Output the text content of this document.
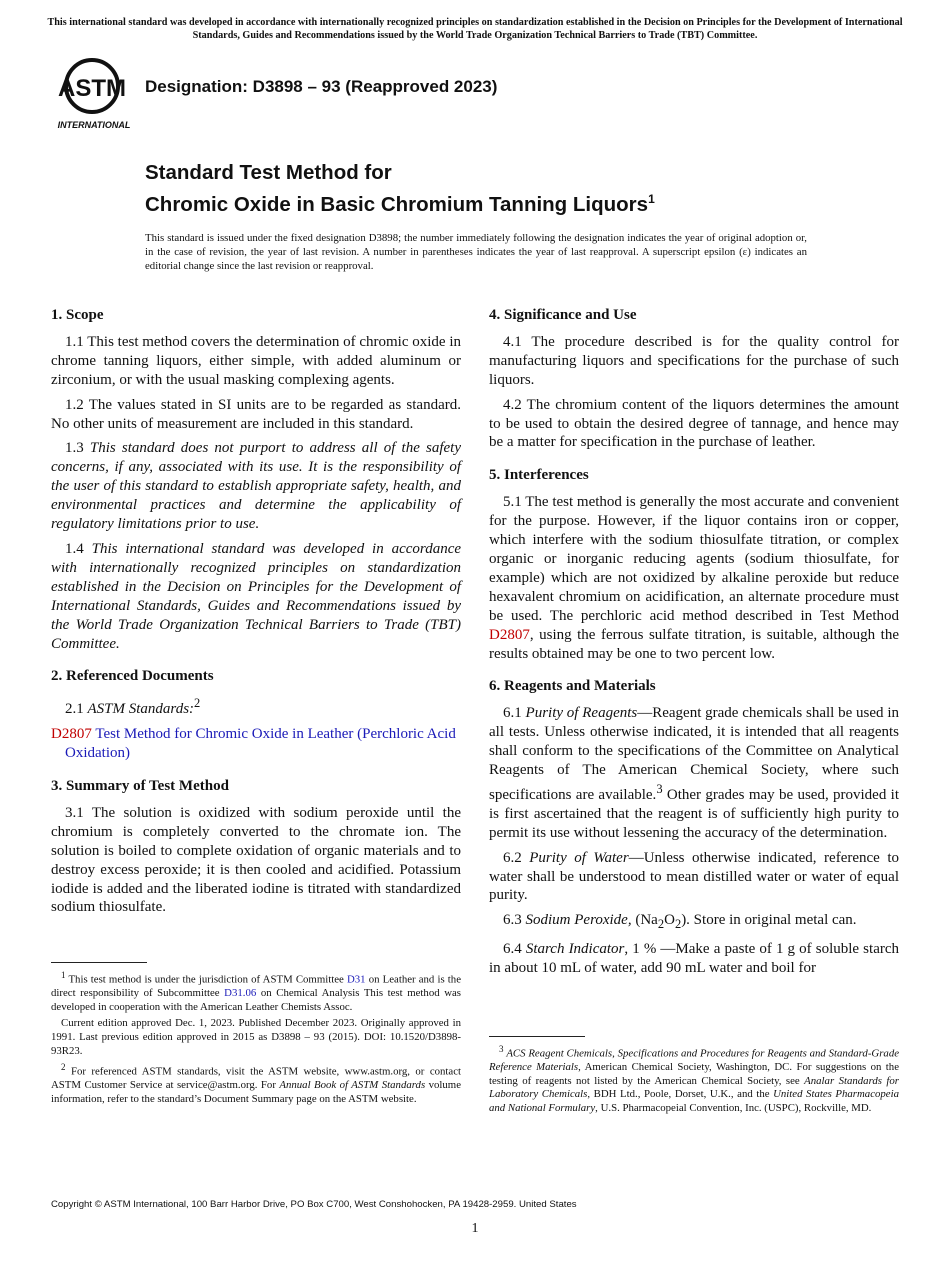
This international standard was developed in accordance with internationally recognized principles on standardization established in the Decision on Principles for the Development of International Standards, Guides and Recommendations issued by the World Trade Organization Technical Barriers to Trade (TBT) Committee.
ASTM
INTERNATIONAL
Designation: D3898 – 93 (Reapproved 2023)
Standard Test Method for
Chromic Oxide in Basic Chromium Tanning Liquors$^1$
This standard is issued under the fixed designation D3898; the number immediately following the designation indicates the year of original adoption or, in the case of revision, the year of last revision. A number in parentheses indicates the year of last reapproval. A superscript epsilon (ε) indicates an editorial change since the last revision or reapproval.
1. Scope

1.1 This test method covers the determination of chromic oxide in chrome tanning liquors, either simple, with added aluminum or zirconium, or with the usual masking complexing agents.

1.2 The values stated in SI units are to be regarded as standard. No other units of measurement are included in this standard.

1.3 This standard does not purport to address all of the safety concerns, if any, associated with its use. It is the responsibility of the user of this standard to establish appropriate safety, health, and environmental practices and determine the applicability of regulatory limitations prior to use.

1.4 This international standard was developed in accordance with internationally recognized principles on standardization established in the Decision on Principles for the Development of International Standards, Guides and Recommendations issued by the World Trade Organization Technical Barriers to Trade (TBT) Committee.

2. Referenced Documents

2.1 ASTM Standards:$^2$

D2807 Test Method for Chromic Oxide in Leather (Perchloric Acid Oxidation)
3. Summary of Test Method

3.1 The solution is oxidized with sodium peroxide until the chromium is completely converted to the chromate ion. The solution is boiled to complete oxidation of organic materials and to destroy excess peroxide; it is then cooled and acidified. Potassium iodide is added and the liberated iodine is titrated with standardized sodium thiosulfate.

4. Significance and Use

4.1 The procedure described is for the quality control for manufacturing liquors and specifications for the purchase of such liquors.

4.2 The chromium content of the liquors determines the amount to be used to obtain the desired degree of tannage, and hence may be a matter for specification in the purchase of leather.

5. Interferences

5.1 The test method is generally the most accurate and convenient for the purpose. However, if the liquor contains iron or copper, which interfere with the sodium thiosulfate titration, or complex organic or inorganic reducing agents (sodium thiosulfate, for example) which are not oxidized by alkaline peroxide but reduce hexavalent chromium on acidification, an alternate procedure must be used. The perchloric acid method described in Test Method D2807, using the ferrous sulfate titration, is suitable, although the results obtained may be one to two percent low.

6. Reagents and Materials

6.1 Purity of Reagents—Reagent grade chemicals shall be used in all tests. Unless otherwise indicated, it is intended that all reagents shall conform to the specifications of the Committee on Analytical Reagents of The American Chemical Society, where such specifications are available.$^3$ Other grades may be used, provided it is first ascertained that the reagent is of sufficiently high purity to permit its use without lessening the accuracy of the determination.

6.2 Purity of Water—Unless otherwise indicated, reference to water shall be understood to mean distilled water or water of equal purity.

6.3 Sodium Peroxide, $(Na_2O_2)$. Store in original metal can.

6.4 Starch Indicator, 1 % —Make a paste of 1 g of soluble starch in about 10 mL of water, add 90 mL water and boil for

$^1$ This test method is under the jurisdiction of ASTM Committee D31 on Leather and is the direct responsibility of Subcommittee D31.06 on Chemical Analysis This test method was developed in cooperation with the American Leather Chemists Assoc.

Current edition approved Dec. 1, 2023. Published December 2023. Originally approved in 1991. Last previous edition approved in 2015 as D3898 – 93 (2015). DOI: 10.1520/D3898-93R23.

$^2$ For referenced ASTM standards, visit the ASTM website, www.astm.org, or contact ASTM Customer Service at service@astm.org. For Annual Book of ASTM Standards volume information, refer to the standard’s Document Summary page on the ASTM website.

$^3$ ACS Reagent Chemicals, Specifications and Procedures for Reagents and Standard-Grade Reference Materials, American Chemical Society, Washington, DC. For suggestions on the testing of reagents not listed by the American Chemical Society, see Analar Standards for Laboratory Chemicals, BDH Ltd., Poole, Dorset, U.K., and the United States Pharmacopeia and National Formulary, U.S. Pharmacopeial Convention, Inc. (USPC), Rockville, MD.

Copyright © ASTM International, 100 Barr Harbor Drive, PO Box C700, West Conshohocken, PA 19428-2959. United States
1
